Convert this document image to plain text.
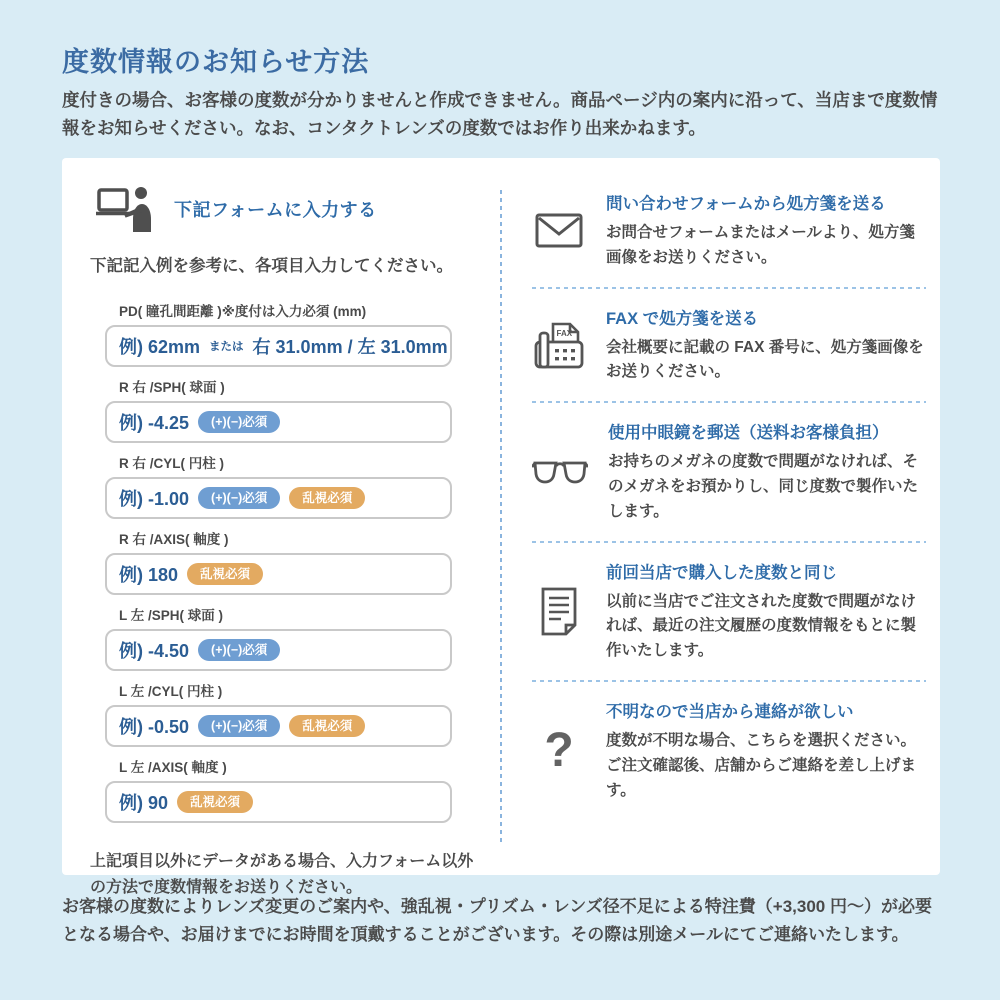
度数情報のお知らせ方法

度付きの場合、お客様の度数が分かりませんと作成できません。商品ページ内の案内に沿って、当店まで度数情報をお知らせください。なお、コンタクトレンズの度数ではお作り出来かねます。

下記フォームに入力する

下記記入例を参考に、各項目入力してください。

PD( 瞳孔間距離 )※度付は入力必須 (mm)
例) 62mm または 右 31.0mm / 左 31.0mm
R 右 /SPH( 球面 )
例) -4.25	(+)(−)必須
R 右 /CYL( 円柱 )
例) -1.00	(+)(−)必須	乱視必須
R 右 /AXIS( 軸度 )
例) 180	乱視必須
L 左 /SPH( 球面 )
例) -4.50	(+)(−)必須
L 左 /CYL( 円柱 )
例) -0.50	(+)(−)必須	乱視必須
L 左 /AXIS( 軸度 )
例) 90	乱視必須

上記項目以外にデータがある場合、入力フォーム以外の方法で度数情報をお送りください。

問い合わせフォームから処方箋を送る

お問合せフォームまたはメールより、処方箋画像をお送りください。

FAX

FAX で処方箋を送る

会社概要に記載の FAX 番号に、処方箋画像をお送りください。

使用中眼鏡を郵送（送料お客様負担）

お持ちのメガネの度数で問題がなければ、そのメガネをお預かりし、同じ度数で製作いたします。

前回当店で購入した度数と同じ

以前に当店でご注文された度数で問題がなければ、最近の注文履歴の度数情報をもとに製作いたします。

?

不明なので当店から連絡が欲しい

度数が不明な場合、こちらを選択ください。ご注文確認後、店舗からご連絡を差し上げます。

お客様の度数によりレンズ変更のご案内や、強乱視・プリズム・レンズ径不足による特注費（+3,300 円～）が必要となる場合や、お届けまでにお時間を頂戴することがございます。その際は別途メールにてご連絡いたします。
